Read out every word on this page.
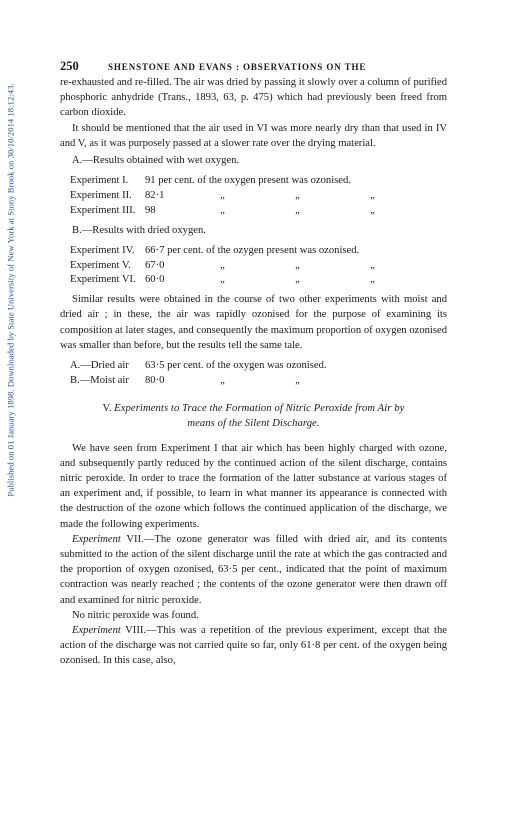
Published on 01 January 1898. Downloaded by State University of New York at Stony Brook on 30/10/2014 18:12:43.
250	SHENSTONE AND EVANS : OBSERVATIONS ON THE

re-exhausted and re-filled. The air was dried by passing it slowly over a column of purified phosphoric anhydride (Trans., 1893, 63, p. 475) which had previously been freed from carbon dioxide.

It should be mentioned that the air used in VI was more nearly dry than that used in IV and V, as it was purposely passed at a slower rate over the drying material.

A.—Results obtained with wet oxygen.
Experiment I.	91 per cent. of the oxygen present was ozonised.
Experiment II.	82·1	„	„	„
Experiment III. 98	„	„	„
B.—Results with dried oxygen.
Experiment IV. 66·7 per cent. of the ozygen present was ozonised.
Experiment V.	67·0	„	„	„
Experiment VI. 60·0	„	„	„

Similar results were obtained in the course of two other experiments with moist and dried air ; in these, the air was rapidly ozonised for the purpose of examining its composition at later stages, and consequently the maximum proportion of oxygen ozonised was smaller than before, but the results tell the same tale.

A.—Dried air	63·5 per cent. of the oxygen was ozonised.
B.—Moist air	80·0	„	„
V. Experiments to Trace the Formation of Nitric Peroxide from Air by
means of the Silent Discharge.

We have seen from Experiment I that air which has been highly charged with ozone, and subsequently partly reduced by the continued action of the silent discharge, contains nitric peroxide. In order to trace the formation of the latter substance at various stages of an experiment and, if possible, to learn in what manner its appearance is connected with the destruction of the ozone which follows the continued application of the discharge, we made the following experiments.

Experiment VII.—The ozone generator was filled with dried air, and its contents submitted to the action of the silent discharge until the rate at which the gas contracted and the proportion of oxygen ozonised, 63·5 per cent., indicated that the point of maximum contraction was nearly reached ; the contents of the ozone generator were then drawn off and examined for nitric peroxide.

No nitric peroxide was found.

Experiment VIII.—This was a repetition of the previous experiment, except that the action of the discharge was not carried quite so far, only 61·8 per cent. of the oxygen being ozonised. In this case, also,
